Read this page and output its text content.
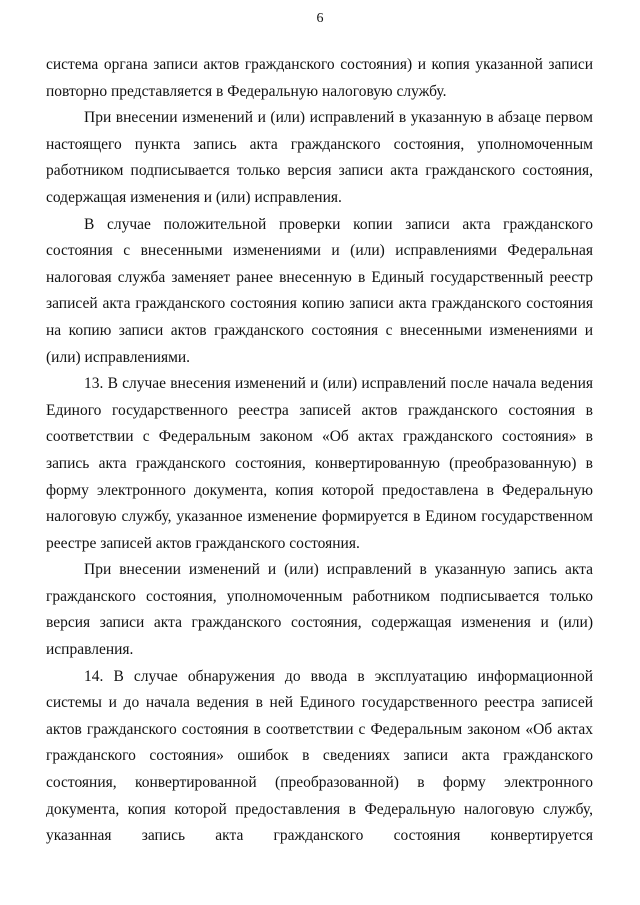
6

система органа записи актов гражданского состояния) и копия указанной записи повторно представляется в Федеральную налоговую службу.

При внесении изменений и (или) исправлений в указанную в абзаце первом настоящего пункта запись акта гражданского состояния, уполномоченным работником подписывается только версия записи акта гражданского состояния, содержащая изменения и (или) исправления.

В случае положительной проверки копии записи акта гражданского состояния с внесенными изменениями и (или) исправлениями Федеральная налоговая служба заменяет ранее внесенную в Единый государственный реестр записей акта гражданского состояния копию записи акта гражданского состояния на копию записи актов гражданского состояния с внесенными изменениями и (или) исправлениями.

13. В случае внесения изменений и (или) исправлений после начала ведения Единого государственного реестра записей актов гражданского состояния в соответствии с Федеральным законом «Об актах гражданского состояния» в запись акта гражданского состояния, конвертированную (преобразованную) в форму электронного документа, копия которой предоставлена в Федеральную налоговую службу, указанное изменение формируется в Едином государственном реестре записей актов гражданского состояния.

При внесении изменений и (или) исправлений в указанную запись акта гражданского состояния, уполномоченным работником подписывается только версия записи акта гражданского состояния, содержащая изменения и (или) исправления.

14. В случае обнаружения до ввода в эксплуатацию информационной системы и до начала ведения в ней Единого государственного реестра записей актов гражданского состояния в соответствии с Федеральным законом «Об актах гражданского состояния» ошибок в сведениях записи акта гражданского состояния, конвертированной (преобразованной) в форму электронного документа, копия которой предоставления в Федеральную налоговую службу, указанная запись акта гражданского состояния конвертируется
